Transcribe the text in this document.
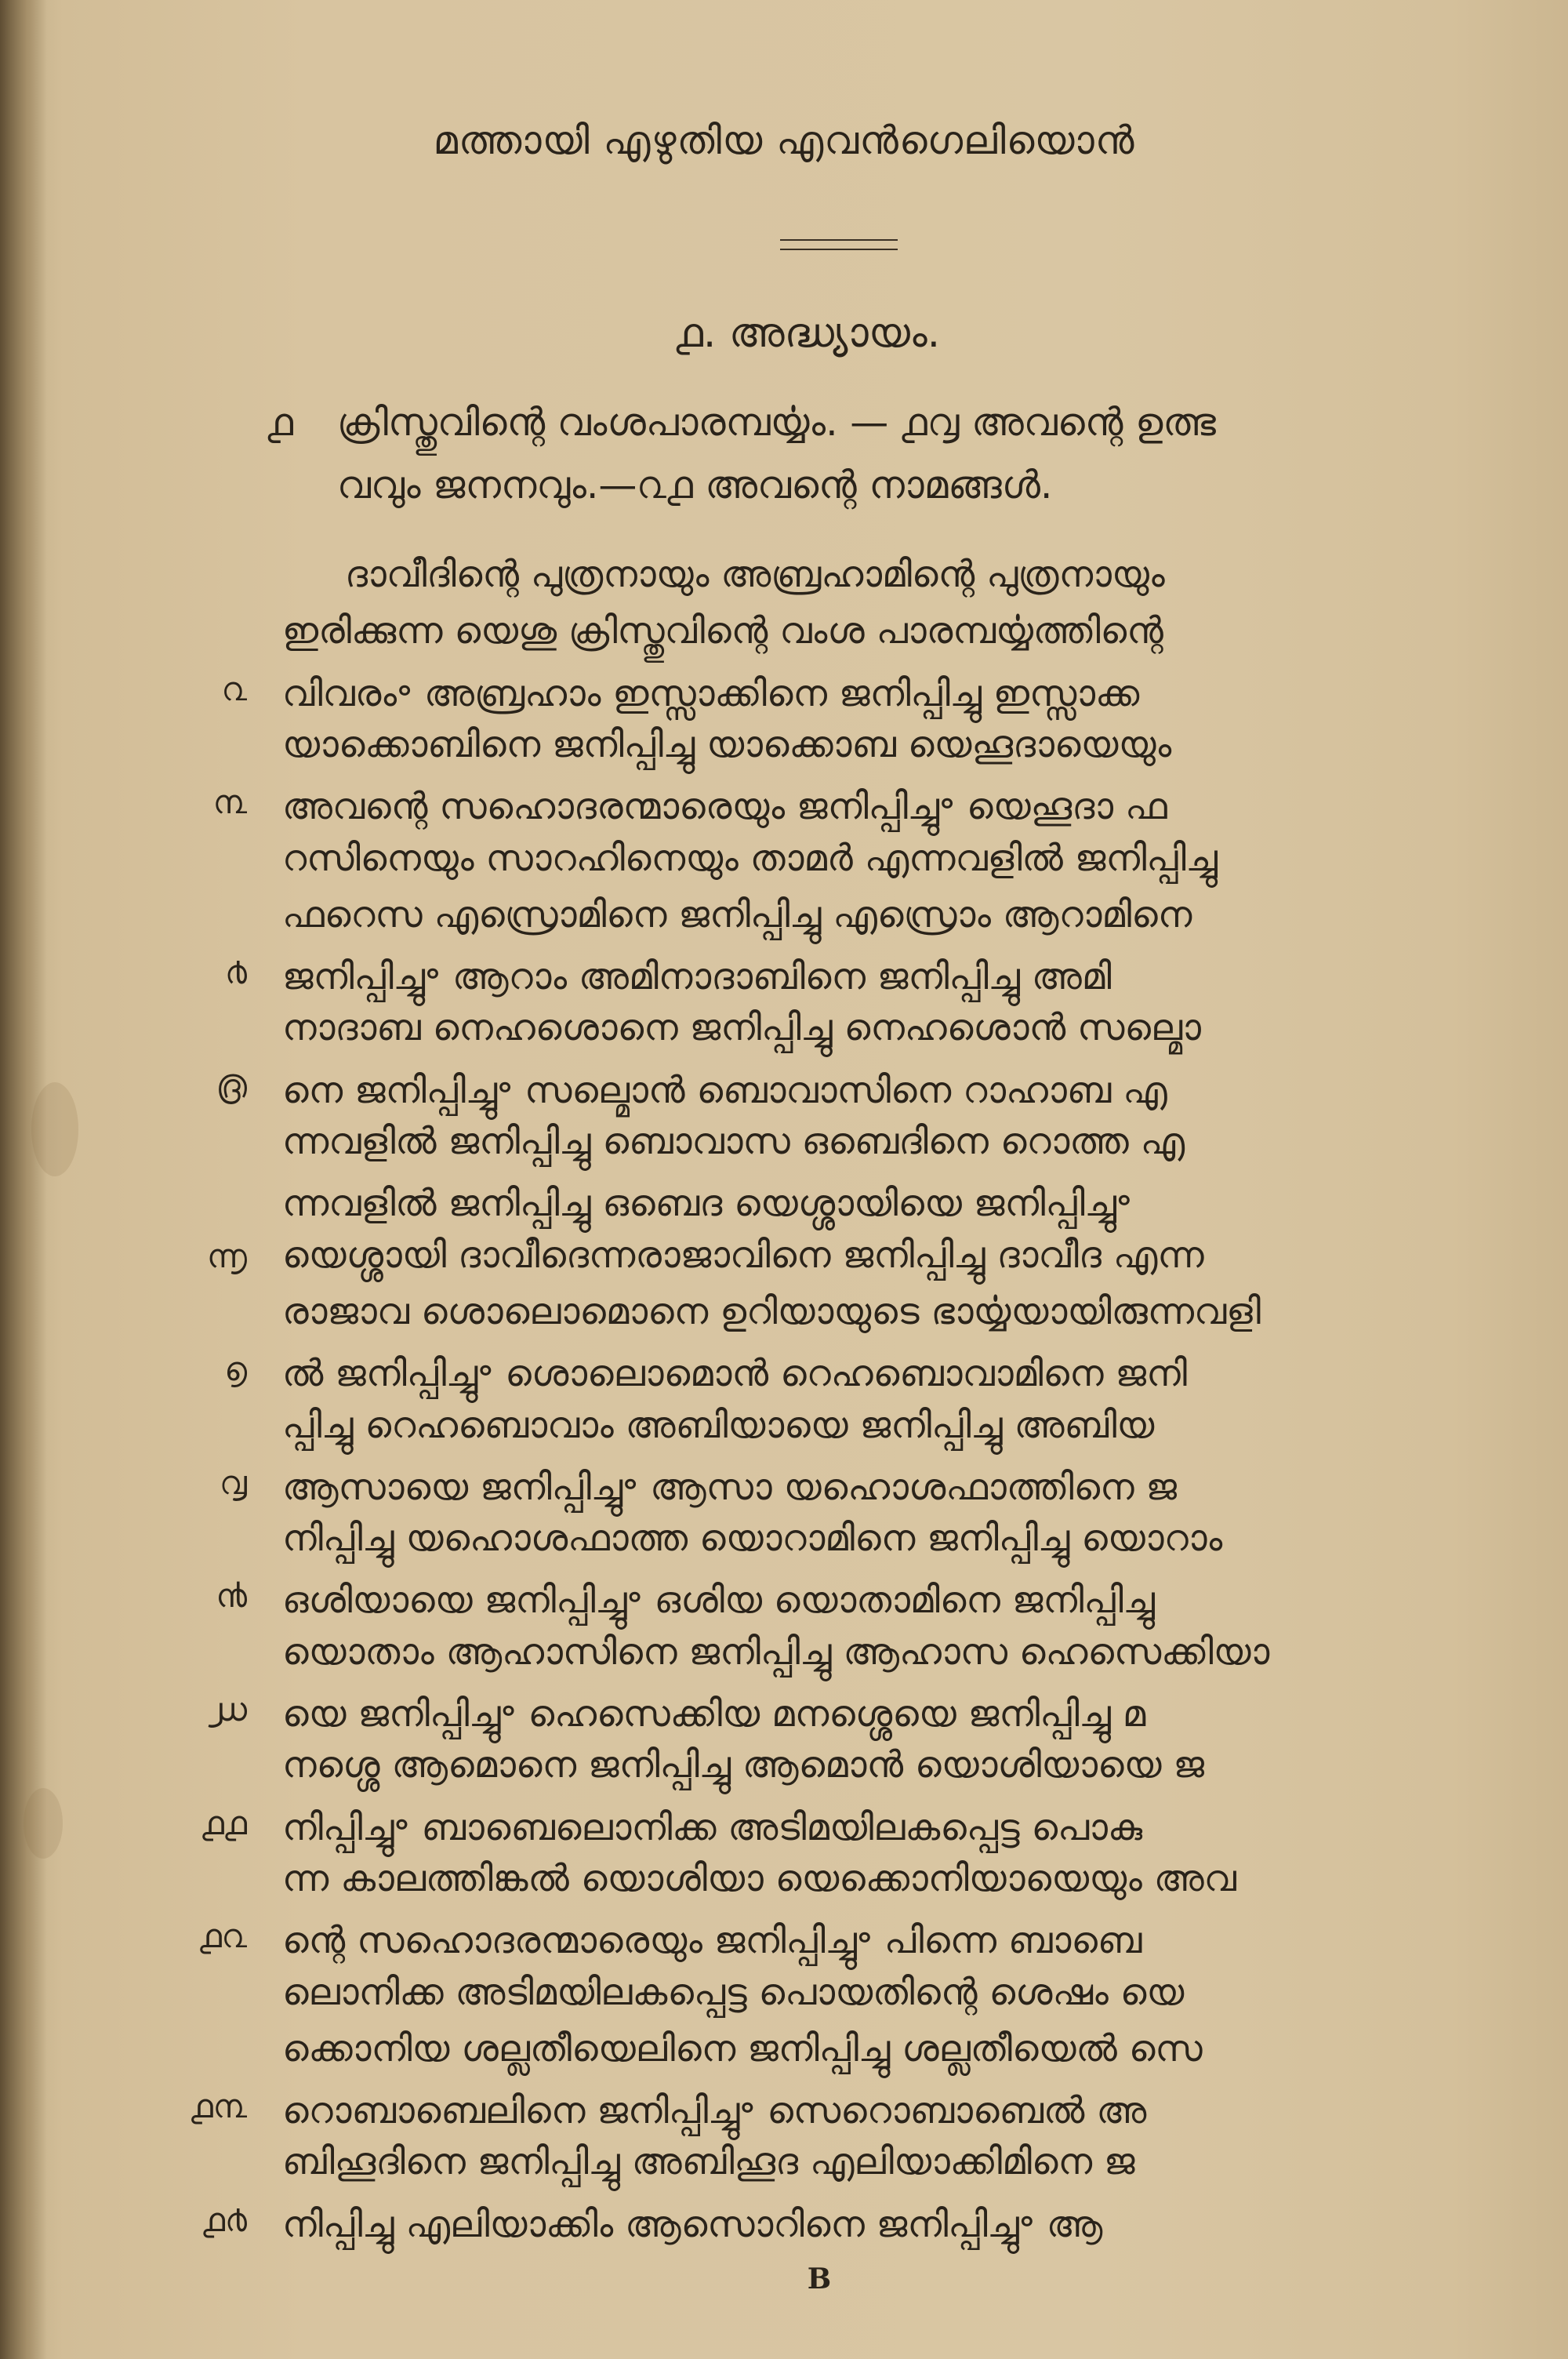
മത്തായി എഴുതിയ എവൻഗെലിയൊൻ
൧. അദ്ധ്യായം.
൧ ക്രിസ്തുവിന്റെ വംശപാരമ്പൎയ്യം. — ൧൮ അവന്റെ ഉത്ഭ
വവും ജനനവും.—൨൧ അവന്റെ നാമങ്ങൾ.
ദാവീദിന്റെ പുത്രനായും അബ്രഹാമിന്റെ പുത്രനായും
ഇരിക്കുന്ന യെശു ക്രിസ്തുവിന്റെ വംശ പാരമ്പൎയ്യത്തിന്റെ
൨ വിവരം॰ അബ്രഹാം ഇസ്സാക്കിനെ ജനിപ്പിച്ചു ഇസ്സാക്ക
യാക്കൊബിനെ ജനിപ്പിച്ചു യാക്കൊബ യെഹൂദായെയും
൩ അവന്റെ സഹൊദരന്മാരെയും ജനിപ്പിച്ചു॰ യെഹൂദാ ഫ
റസിനെയും സാറഹിനെയും താമർ എന്നവളിൽ ജനിപ്പിച്ചു
ഫറെസ എസ്രൊമിനെ ജനിപ്പിച്ചു എസ്രൊം ആറാമിനെ
൪ ജനിപ്പിച്ചു॰ ആറാം അമിനാദാബിനെ ജനിപ്പിച്ചു അമി
നാദാബ നെഹശൊനെ ജനിപ്പിച്ചു നെഹശൊൻ സല്മൊ
൫ നെ ജനിപ്പിച്ചു॰ സല്മൊൻ ബൊവാസിനെ റാഹാബ എ
ന്നവളിൽ ജനിപ്പിച്ചു ബൊവാസ ഒബെദിനെ റൊത്ത എ
ന്നവളിൽ ജനിപ്പിച്ചു ഒബെദ യെശ്ശായിയെ ജനിപ്പിച്ചു॰
൬ യെശ്ശായി ദാവീദെന്നരാജാവിനെ ജനിപ്പിച്ചു ദാവീദ എന്ന
രാജാവ ശൊലൊമൊനെ ഉറിയായുടെ ഭാൎയ്യയായിരുന്നവളി
൭ ൽ ജനിപ്പിച്ചു॰ ശൊലൊമൊൻ റെഹബൊവാമിനെ ജനി
പ്പിച്ചു റെഹബൊവാം അബിയായെ ജനിപ്പിച്ചു അബിയ
൮ ആസായെ ജനിപ്പിച്ചു॰ ആസാ യഹൊശഫാത്തിനെ ജ
നിപ്പിച്ചു യഹൊശഫാത്ത യൊറാമിനെ ജനിപ്പിച്ചു യൊറാം
൯ ഒശിയായെ ജനിപ്പിച്ചു॰ ഒശിയ യൊതാമിനെ ജനിപ്പിച്ചു
യൊതാം ആഹാസിനെ ജനിപ്പിച്ചു ആഹാസ ഹെസെക്കിയാ
൰ യെ ജനിപ്പിച്ചു॰ ഹെസെക്കിയ മനശ്ശെയെ ജനിപ്പിച്ചു മ
നശ്ശെ ആമൊനെ ജനിപ്പിച്ചു ആമൊൻ യൊശിയായെ ജ
൧൧ നിപ്പിച്ചു॰ ബാബെലൊനിക്ക അടിമയിലകപ്പെട്ട പൊകു
ന്ന കാലത്തിങ്കൽ യൊശിയാ യെക്കൊനിയായെയും അവ
൧൨ ന്റെ സഹൊദരന്മാരെയും ജനിപ്പിച്ചു॰ പിന്നെ ബാബെ
ലൊനിക്ക അടിമയിലകപ്പെട്ട പൊയതിന്റെ ശെഷം യെ
ക്കൊനിയ ശല്ലതീയെലിനെ ജനിപ്പിച്ചു ശല്ലതീയെൽ സെ
൧൩ റൊബാബെലിനെ ജനിപ്പിച്ചു॰ സെറൊബാബെൽ അ
ബിഹൂദിനെ ജനിപ്പിച്ചു അബിഹൂദ എലിയാക്കിമിനെ ജ
൧൪ നിപ്പിച്ചു എലിയാക്കിം ആസൊറിനെ ജനിപ്പിച്ചു॰ ആ
B
